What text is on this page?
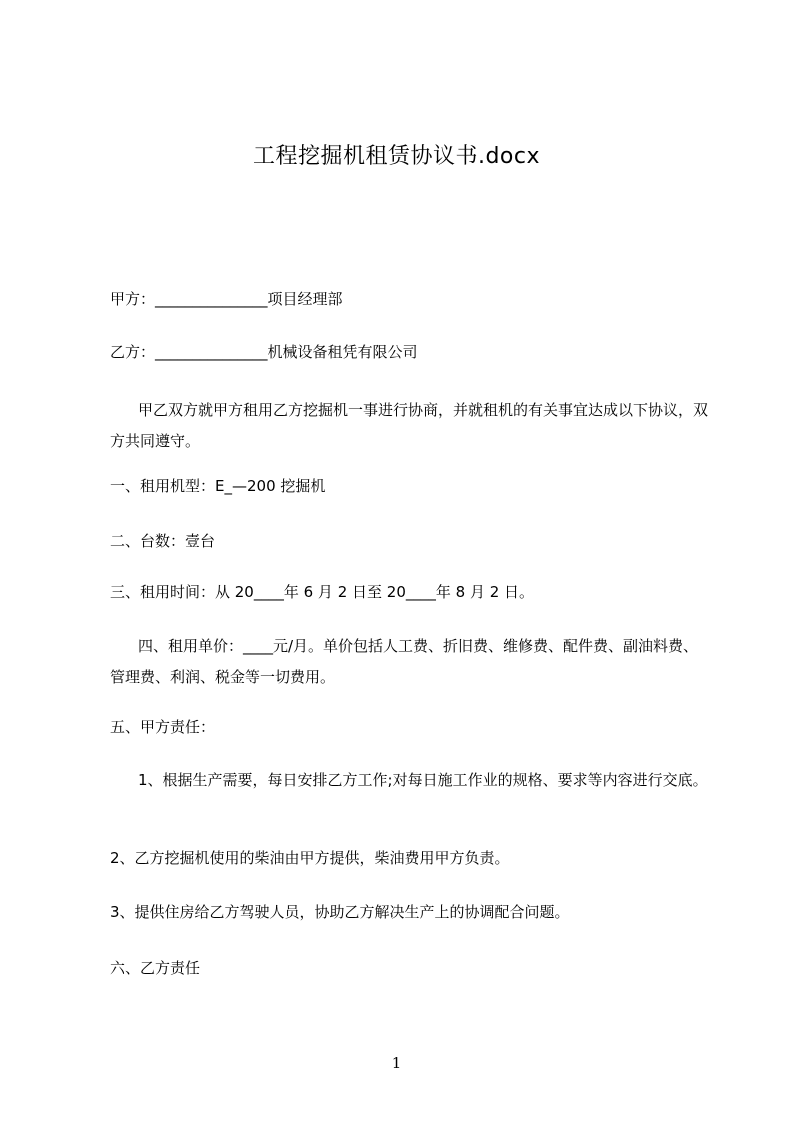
工程挖掘机租赁协议书.docx
甲方：_______________项目经理部
乙方：_______________机械设备租凭有限公司
甲乙双方就甲方租用乙方挖掘机一事进行协商，并就租机的有关事宜达成以下协议，双方共同遵守。
一、租用机型：E_—200 挖掘机
二、台数：壹台
三、租用时间：从 20____年 6 月 2 日至 20____年 8 月 2 日。
四、租用单价：____元/月。单价包括人工费、折旧费、维修费、配件费、副油料费、管理费、利润、税金等一切费用。
五、甲方责任：
1、根据生产需要，每日安排乙方工作;对每日施工作业的规格、要求等内容进行交底。
2、乙方挖掘机使用的柴油由甲方提供，柴油费用甲方负责。
3、提供住房给乙方驾驶人员，协助乙方解决生产上的协调配合问题。
六、乙方责任
1
